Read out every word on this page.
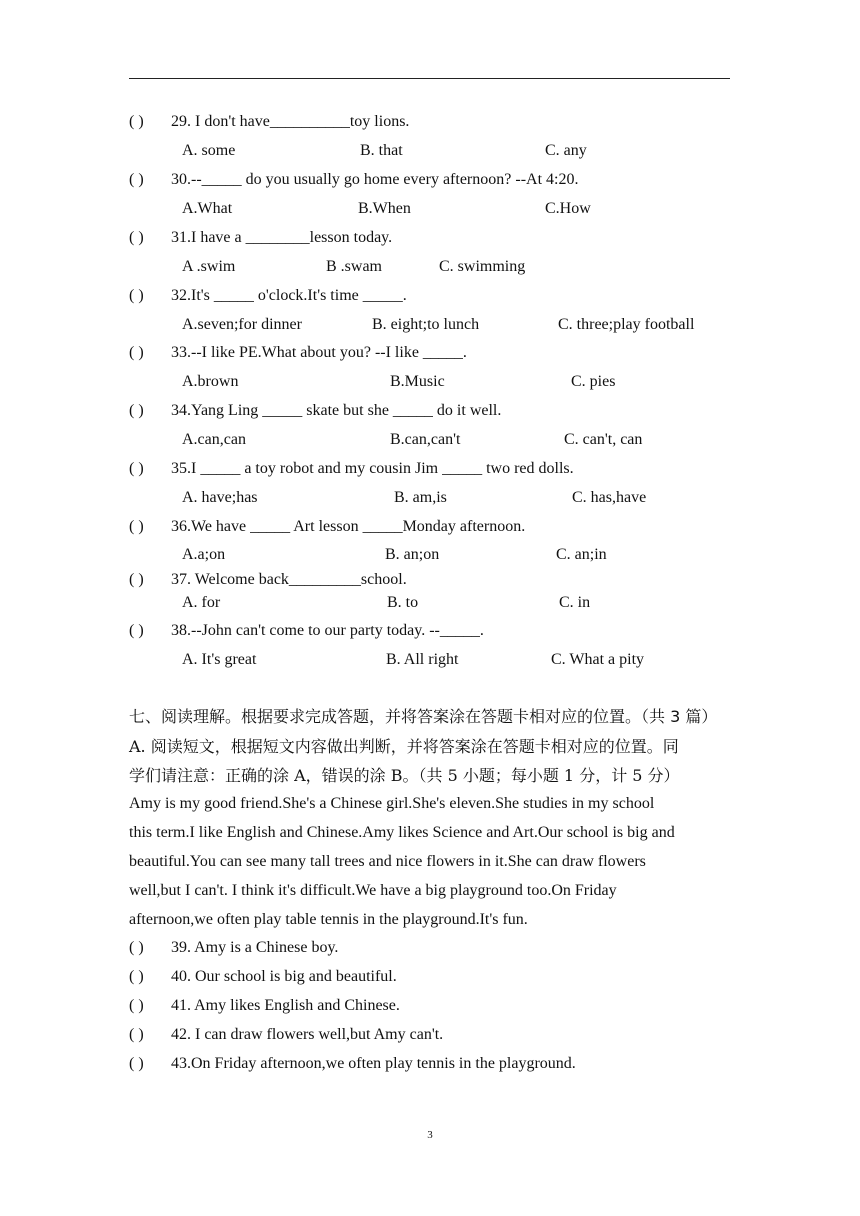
( ) 29. I don't have__________toy lions.
A. some	B. that	C. any
( ) 30.--_____ do you usually go home every afternoon? --At 4:20.
A.What	B.When	C.How
( ) 31.I have a ________lesson today.
A .swim	B .swam	C. swimming
( ) 32.It's _____ o'clock.It's time _____.
A.seven;for dinner	B. eight;to lunch	C. three;play football
( ) 33.--I like PE.What about you? --I like _____.
A.brown	B.Music	C. pies
( ) 34.Yang Ling _____ skate but she _____ do it well.
A.can,can	B.can,can't	C. can't, can
( ) 35.I _____ a toy robot and my cousin Jim _____ two red dolls.
A. have;has	B. am,is	C. has,have
( ) 36.We have _____ Art lesson _____Monday afternoon.
A.a;on	B. an;on	C. an;in
( ) 37. Welcome back_________school.
A. for	B. to	C. in
( ) 38.--John can't come to our party today. --_____.
A. It's great	B. All right	C. What a pity
七、阅读理解。根据要求完成答题，并将答案涂在答题卡相对应的位置。（共 3 篇）
A. 阅读短文，根据短文内容做出判断，并将答案涂在答题卡相对应的位置。同
学们请注意：正确的涂 A，错误的涂 B。（共 5 小题；每小题 1 分，计 5 分）
Amy is my good friend.She's a Chinese girl.She's eleven.She studies in my school
this term.I like English and Chinese.Amy likes Science and Art.Our school is big and
beautiful.You can see many tall trees and nice flowers in it.She can draw flowers
well,but I can't. I think it's difficult.We have a big playground too.On Friday
afternoon,we often play table tennis in the playground.It's fun.
( ) 39. Amy is a Chinese boy.
( ) 40. Our school is big and beautiful.
( ) 41. Amy likes English and Chinese.
( ) 42. I can draw flowers well,but Amy can't.
( ) 43.On Friday afternoon,we often play tennis in the playground.
3
